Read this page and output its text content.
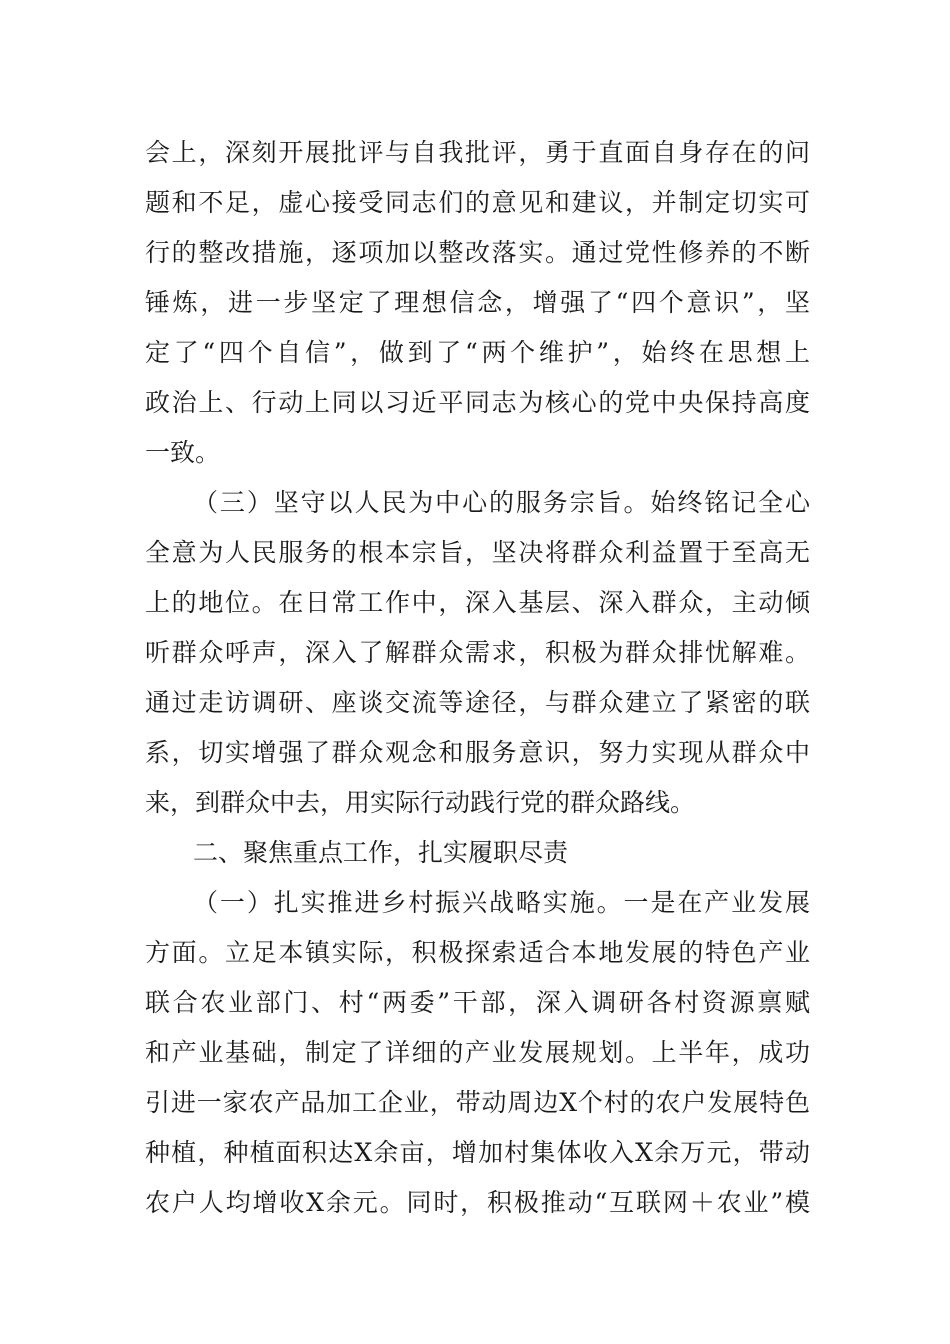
会上，深刻开展批评与自我批评，勇于直面自身存在的问
题和不足，虚心接受同志们的意见和建议，并制定切实可
行的整改措施，逐项加以整改落实。通过党性修养的不断
锤炼，进一步坚定了理想信念，增强了“四个意识”，坚
定了“四个自信”，做到了“两个维护”，始终在思想上
政治上、行动上同以习近平同志为核心的党中央保持高度
一致。
（三）坚守以人民为中心的服务宗旨。始终铭记全心
全意为人民服务的根本宗旨，坚决将群众利益置于至高无
上的地位。在日常工作中，深入基层、深入群众，主动倾
听群众呼声，深入了解群众需求，积极为群众排忧解难。
通过走访调研、座谈交流等途径，与群众建立了紧密的联
系，切实增强了群众观念和服务意识，努力实现从群众中
来，到群众中去，用实际行动践行党的群众路线。
二、聚焦重点工作，扎实履职尽责
（一）扎实推进乡村振兴战略实施。一是在产业发展
方面。立足本镇实际，积极探索适合本地发展的特色产业
联合农业部门、村“两委”干部，深入调研各村资源禀赋
和产业基础，制定了详细的产业发展规划。上半年，成功
引进一家农产品加工企业，带动周边X个村的农户发展特色
种植，种植面积达X余亩，增加村集体收入X余万元，带动
农户人均增收X余元。同时，积极推动“互联网＋农业”模
